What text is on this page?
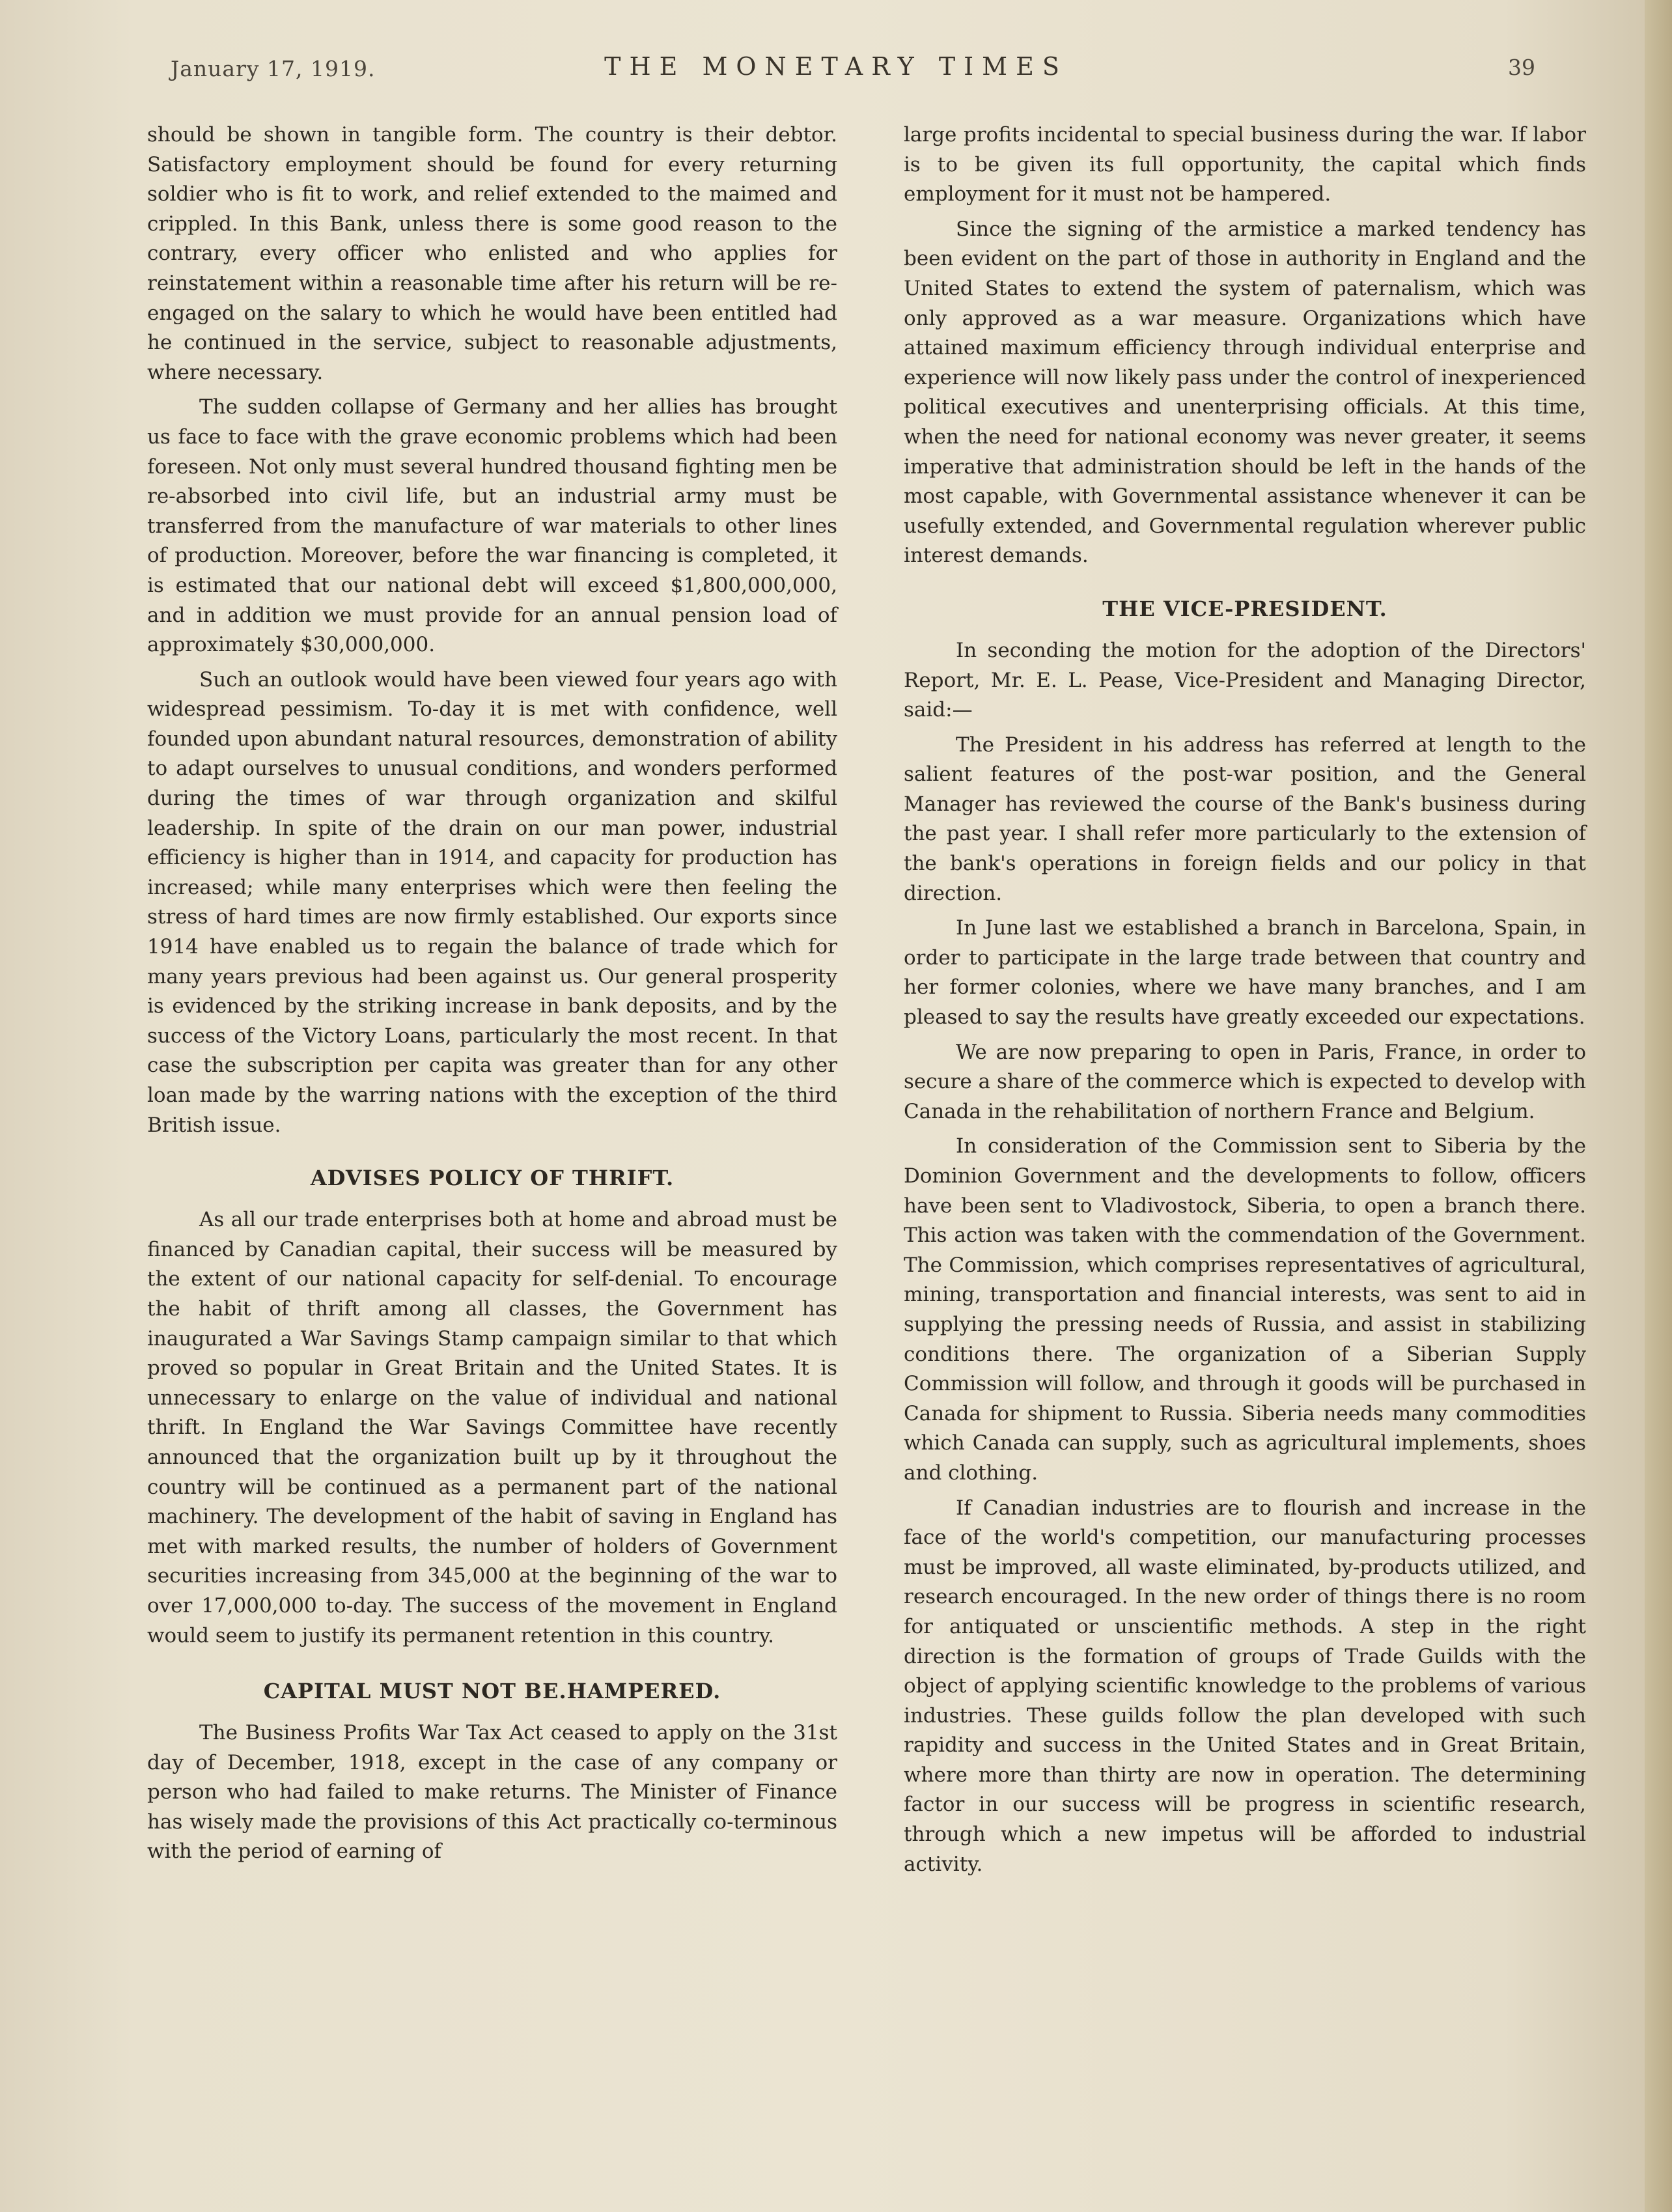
January 17, 1919.	THE MONETARY TIMES	39

should be shown in tangible form. The country is their debtor. Satisfactory employment should be found for every returning soldier who is fit to work, and relief extended to the maimed and crippled. In this Bank, unless there is some good reason to the contrary, every officer who enlisted and who applies for reinstatement within a reasonable time after his return will be re-engaged on the salary to which he would have been entitled had he continued in the service, subject to reasonable adjustments, where necessary.

The sudden collapse of Germany and her allies has brought us face to face with the grave economic problems which had been foreseen. Not only must several hundred thousand fighting men be re-absorbed into civil life, but an industrial army must be transferred from the manufacture of war materials to other lines of production. Moreover, before the war financing is completed, it is estimated that our national debt will exceed $1,800,000,000, and in addition we must provide for an annual pension load of approximately $30,000,000.

Such an outlook would have been viewed four years ago with widespread pessimism. To-day it is met with confidence, well founded upon abundant natural resources, demonstration of ability to adapt ourselves to unusual conditions, and wonders performed during the times of war through organization and skilful leadership. In spite of the drain on our man power, industrial efficiency is higher than in 1914, and capacity for production has increased; while many enterprises which were then feeling the stress of hard times are now firmly established. Our exports since 1914 have enabled us to regain the balance of trade which for many years previous had been against us. Our general prosperity is evidenced by the striking increase in bank deposits, and by the success of the Victory Loans, particularly the most recent. In that case the subscription per capita was greater than for any other loan made by the warring nations with the exception of the third British issue.

ADVISES POLICY OF THRIFT.

As all our trade enterprises both at home and abroad must be financed by Canadian capital, their success will be measured by the extent of our national capacity for self-denial. To encourage the habit of thrift among all classes, the Government has inaugurated a War Savings Stamp campaign similar to that which proved so popular in Great Britain and the United States. It is unnecessary to enlarge on the value of individual and national thrift. In England the War Savings Committee have recently announced that the organization built up by it throughout the country will be continued as a permanent part of the national machinery. The development of the habit of saving in England has met with marked results, the number of holders of Government securities increasing from 345,000 at the beginning of the war to over 17,000,000 to-day. The success of the movement in England would seem to justify its permanent retention in this country.

CAPITAL MUST NOT BE.HAMPERED.

The Business Profits War Tax Act ceased to apply on the 31st day of December, 1918, except in the case of any company or person who had failed to make returns. The Minister of Finance has wisely made the provisions of this Act practically co-terminous with the period of earning of

large profits incidental to special business during the war. If labor is to be given its full opportunity, the capital which finds employment for it must not be hampered.

Since the signing of the armistice a marked tendency has been evident on the part of those in authority in England and the United States to extend the system of paternalism, which was only approved as a war measure. Organizations which have attained maximum efficiency through individual enterprise and experience will now likely pass under the control of inexperienced political executives and unenterprising officials. At this time, when the need for national economy was never greater, it seems imperative that administration should be left in the hands of the most capable, with Governmental assistance whenever it can be usefully extended, and Governmental regulation wherever public interest demands.

THE VICE-PRESIDENT.

In seconding the motion for the adoption of the Directors' Report, Mr. E. L. Pease, Vice-President and Managing Director, said:—

The President in his address has referred at length to the salient features of the post-war position, and the General Manager has reviewed the course of the Bank's business during the past year. I shall refer more particularly to the extension of the bank's operations in foreign fields and our policy in that direction.

In June last we established a branch in Barcelona, Spain, in order to participate in the large trade between that country and her former colonies, where we have many branches, and I am pleased to say the results have greatly exceeded our expectations.

We are now preparing to open in Paris, France, in order to secure a share of the commerce which is expected to develop with Canada in the rehabilitation of northern France and Belgium.

In consideration of the Commission sent to Siberia by the Dominion Government and the developments to follow, officers have been sent to Vladivostock, Siberia, to open a branch there. This action was taken with the commendation of the Government. The Commission, which comprises representatives of agricultural, mining, transportation and financial interests, was sent to aid in supplying the pressing needs of Russia, and assist in stabilizing conditions there. The organization of a Siberian Supply Commission will follow, and through it goods will be purchased in Canada for shipment to Russia. Siberia needs many commodities which Canada can supply, such as agricultural implements, shoes and clothing.

If Canadian industries are to flourish and increase in the face of the world's competition, our manufacturing processes must be improved, all waste eliminated, by-products utilized, and research encouraged. In the new order of things there is no room for antiquated or unscientific methods. A step in the right direction is the formation of groups of Trade Guilds with the object of applying scientific knowledge to the problems of various industries. These guilds follow the plan developed with such rapidity and success in the United States and in Great Britain, where more than thirty are now in operation. The determining factor in our success will be progress in scientific research, through which a new impetus will be afforded to industrial activity.
